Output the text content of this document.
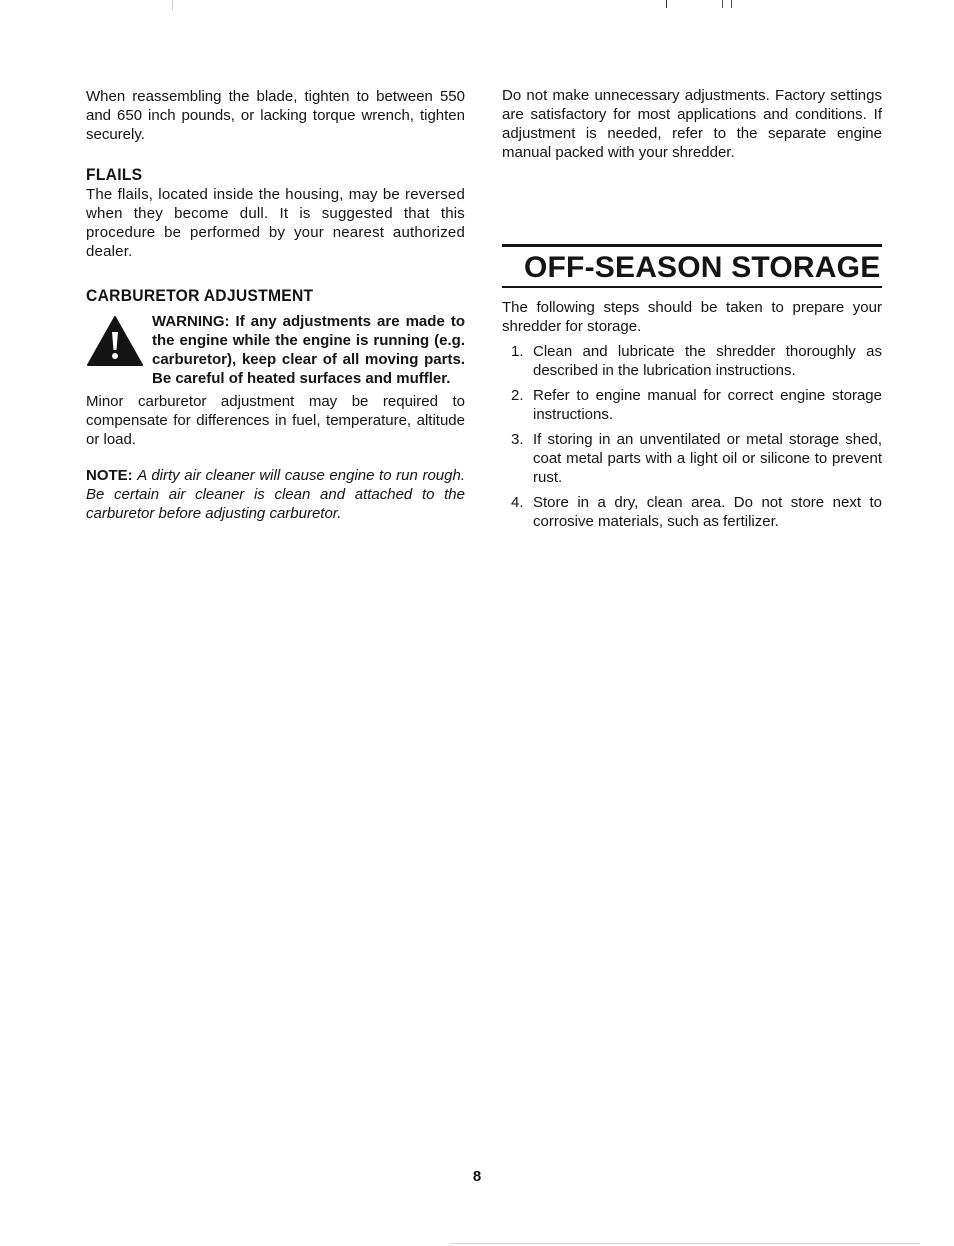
When reassembling the blade, tighten to between 550 and 650 inch pounds, or lacking torque wrench, tighten securely.

FLAILS

The flails, located inside the housing, may be reversed when they become dull. It is suggested that this procedure be performed by your nearest authorized dealer.

CARBURETOR ADJUSTMENT

WARNING: If any adjustments are made to the engine while the engine is running (e.g. carburetor), keep clear of all moving parts. Be careful of heated surfaces and muffler.

Minor carburetor adjustment may be required to compensate for differences in fuel, temperature, altitude or load.

NOTE: A dirty air cleaner will cause engine to run rough. Be certain air cleaner is clean and attached to the carburetor before adjusting carburetor.

Do not make unnecessary adjustments. Factory settings are satisfactory for most applications and conditions. If adjustment is needed, refer to the separate engine manual packed with your shredder.

OFF-SEASON STORAGE

The following steps should be taken to prepare your shredder for storage.

1. Clean and lubricate the shredder thoroughly as described in the lubrication instructions.
2. Refer to engine manual for correct engine storage instructions.
3. If storing in an unventilated or metal storage shed, coat metal parts with a light oil or silicone to prevent rust.
4. Store in a dry, clean area. Do not store next to corrosive materials, such as fertilizer.
8
